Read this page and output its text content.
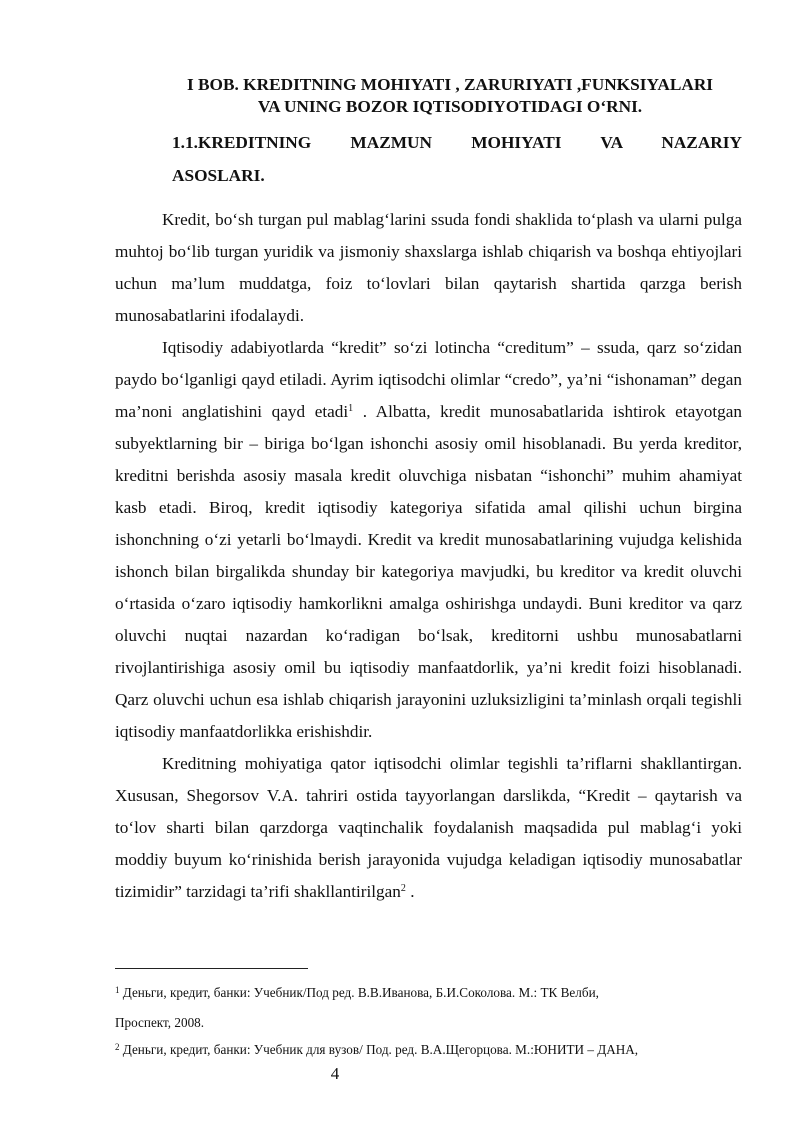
I BOB. KREDITNING MOHIYATI , ZARURIYATI ,FUNKSIYALARI
VA UNING BOZOR IQTISODIYOTIDAGI O‘RNI.
1.1.KREDITNING MAZMUN MOHIYATI VA NAZARIY
ASOSLARI.

Kredit, bo‘sh turgan pul mablag‘larini ssuda fondi shaklida to‘plash va ularni pulga muhtoj bo‘lib turgan yuridik va jismoniy shaxslarga ishlab chiqarish va boshqa ehtiyojlari uchun ma’lum muddatga, foiz to‘lovlari bilan qaytarish shartida qarzga berish munosabatlarini ifodalaydi.

Iqtisodiy adabiyotlarda “kredit” so‘zi lotincha “creditum” – ssuda, qarz so‘zidan paydo bo‘lganligi qayd etiladi. Ayrim iqtisodchi olimlar “credo”, ya’ni “ishonaman” degan ma’noni anglatishini qayd etadi$^1$ . Albatta, kredit munosabatlarida ishtirok etayotgan subyektlarning bir – biriga bo‘lgan ishonchi asosiy omil hisoblanadi. Bu yerda kreditor, kreditni berishda asosiy masala kredit oluvchiga nisbatan “ishonchi” muhim ahamiyat kasb etadi. Biroq, kredit iqtisodiy kategoriya sifatida amal qilishi uchun birgina ishonchning o‘zi yetarli bo‘lmaydi. Kredit va kredit munosabatlarining vujudga kelishida ishonch bilan birgalikda shunday bir kategoriya mavjudki, bu kreditor va kredit oluvchi o‘rtasida o‘zaro iqtisodiy hamkorlikni amalga oshirishga undaydi. Buni kreditor va qarz oluvchi nuqtai nazardan ko‘radigan bo‘lsak, kreditorni ushbu munosabatlarni rivojlantirishiga asosiy omil bu iqtisodiy manfaatdorlik, ya’ni kredit foizi hisoblanadi. Qarz oluvchi uchun esa ishlab chiqarish jarayonini uzluksizligini ta’minlash orqali tegishli iqtisodiy manfaatdorlikka erishishdir.

Kreditning mohiyatiga qator iqtisodchi olimlar tegishli ta’riflarni shakllantirgan. Xususan, Shegorsov V.A. tahriri ostida tayyorlangan darslikda, “Kredit – qaytarish va to‘lov sharti bilan qarzdorga vaqtinchalik foydalanish maqsadida pul mablag‘i yoki moddiy buyum ko‘rinishida berish jarayonida vujudga keladigan iqtisodiy munosabatlar tizimidir” tarzidagi ta’rifi shakllantirilgan$^2$ .

$^1$ Деньги, кредит, банки: Учебник/Под ред. В.В.Иванова, Б.И.Соколова. М.: ТК Велби,
Проспект, 2008.
$^2$ Деньги, кредит, банки: Учебник для вузов/ Под. ред. В.А.Щегорцова. М.:ЮНИТИ – ДАНА,
4
